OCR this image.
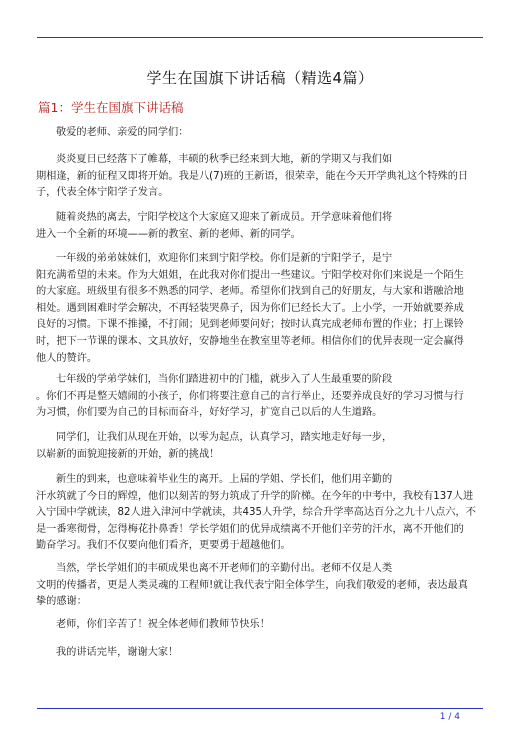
学生在国旗下讲话稿（精选4篇）
篇1：学生在国旗下讲话稿

敬爱的老师、亲爱的同学们：

炎炎夏日已经落下了帷幕，丰硕的秋季已经来到大地，新的学期又与我们如

期相逢，新的征程又即将开始。我是八(7)班的王新语，很荣幸，能在今天开学典礼这个特殊的日

子，代表全体宁阳学子发言。

随着炎热的离去，宁阳学校这个大家庭又迎来了新成员。开学意味着他们将

进入一个全新的环境——新的教室、新的老师、新的同学。

一年级的弟弟妹妹们，欢迎你们来到宁阳学校。你们是新的宁阳学子，是宁

阳充满希望的未来。作为大姐姐，在此我对你们提出一些建议。宁阳学校对你们来说是一个陌生

的大家庭。班级里有很多不熟悉的同学、老师。希望你们找到自己的好朋友，与大家和谐融洽地

相处。遇到困难时学会解决，不再轻装哭鼻子，因为你们已经长大了。上小学，一开始就要养成

良好的习惯。下课不推搡，不打闹；见到老师要问好；按时认真完成老师布置的作业；打上课铃

时，把下一节课的课本、文具放好，安静地坐在教室里等老师。相信你们的优异表现一定会赢得

他人的赞许。

七年级的学弟学妹们，当你们踏进初中的门槛，就步入了人生最重要的阶段

。你们不再是整天嬉闹的小孩子，你们将要注意自己的言行举止，还要养成良好的学习习惯与行

为习惯，你们要为自己的目标而奋斗，好好学习，扩宽自己以后的人生道路。

同学们，让我们从现在开始，以零为起点，认真学习，踏实地走好每一步，

以崭新的面貌迎接新的开始，新的挑战！

新生的到来，也意味着毕业生的离开。上届的学姐、学长们，他们用辛勤的

汗水筑就了今日的辉煌，他们以刻苦的努力筑成了升学的阶梯。在今年的中考中，我校有137人进

入宁国中学就读，82人进入津河中学就读，共435人升学，综合升学率高达百分之九十八点六，不

是一番寒彻骨，怎得梅花扑鼻香！学长学姐们的优异成绩离不开他们辛劳的汗水，离不开他们的

勤奋学习。我们不仅要向他们看齐，更要勇于超越他们。

当然，学长学姐们的丰硕成果也离不开老师们的辛勤付出。老师不仅是人类

文明的传播者，更是人类灵魂的工程师!就让我代表宁阳全体学生，向我们敬爱的老师，表达最真

挚的感谢：

老师，你们辛苦了！祝全体老师们教师节快乐！

我的讲话完毕，谢谢大家！

1 / 4
